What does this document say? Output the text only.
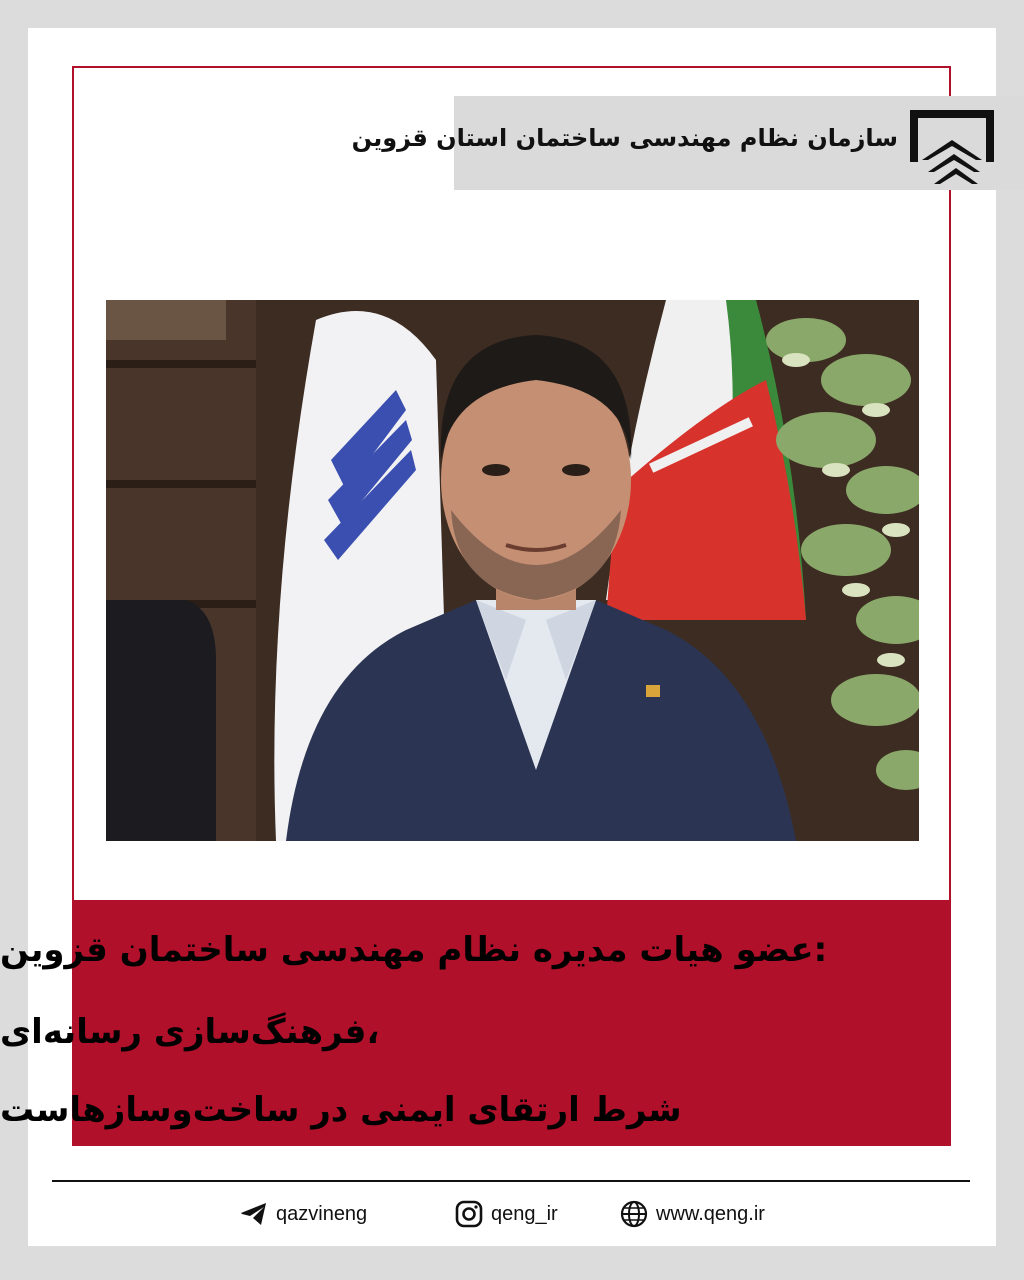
سازمان نظام مهندسی ساختمان استان قزوین
عضو هیات مدیره نظام مهندسی ساختمان قزوین:
فرهنگ‌سازی رسانه‌ای،
شرط ارتقای ایمنی در ساخت‌وسازهاست
qazvineng	qeng_ir	www.qeng.ir
